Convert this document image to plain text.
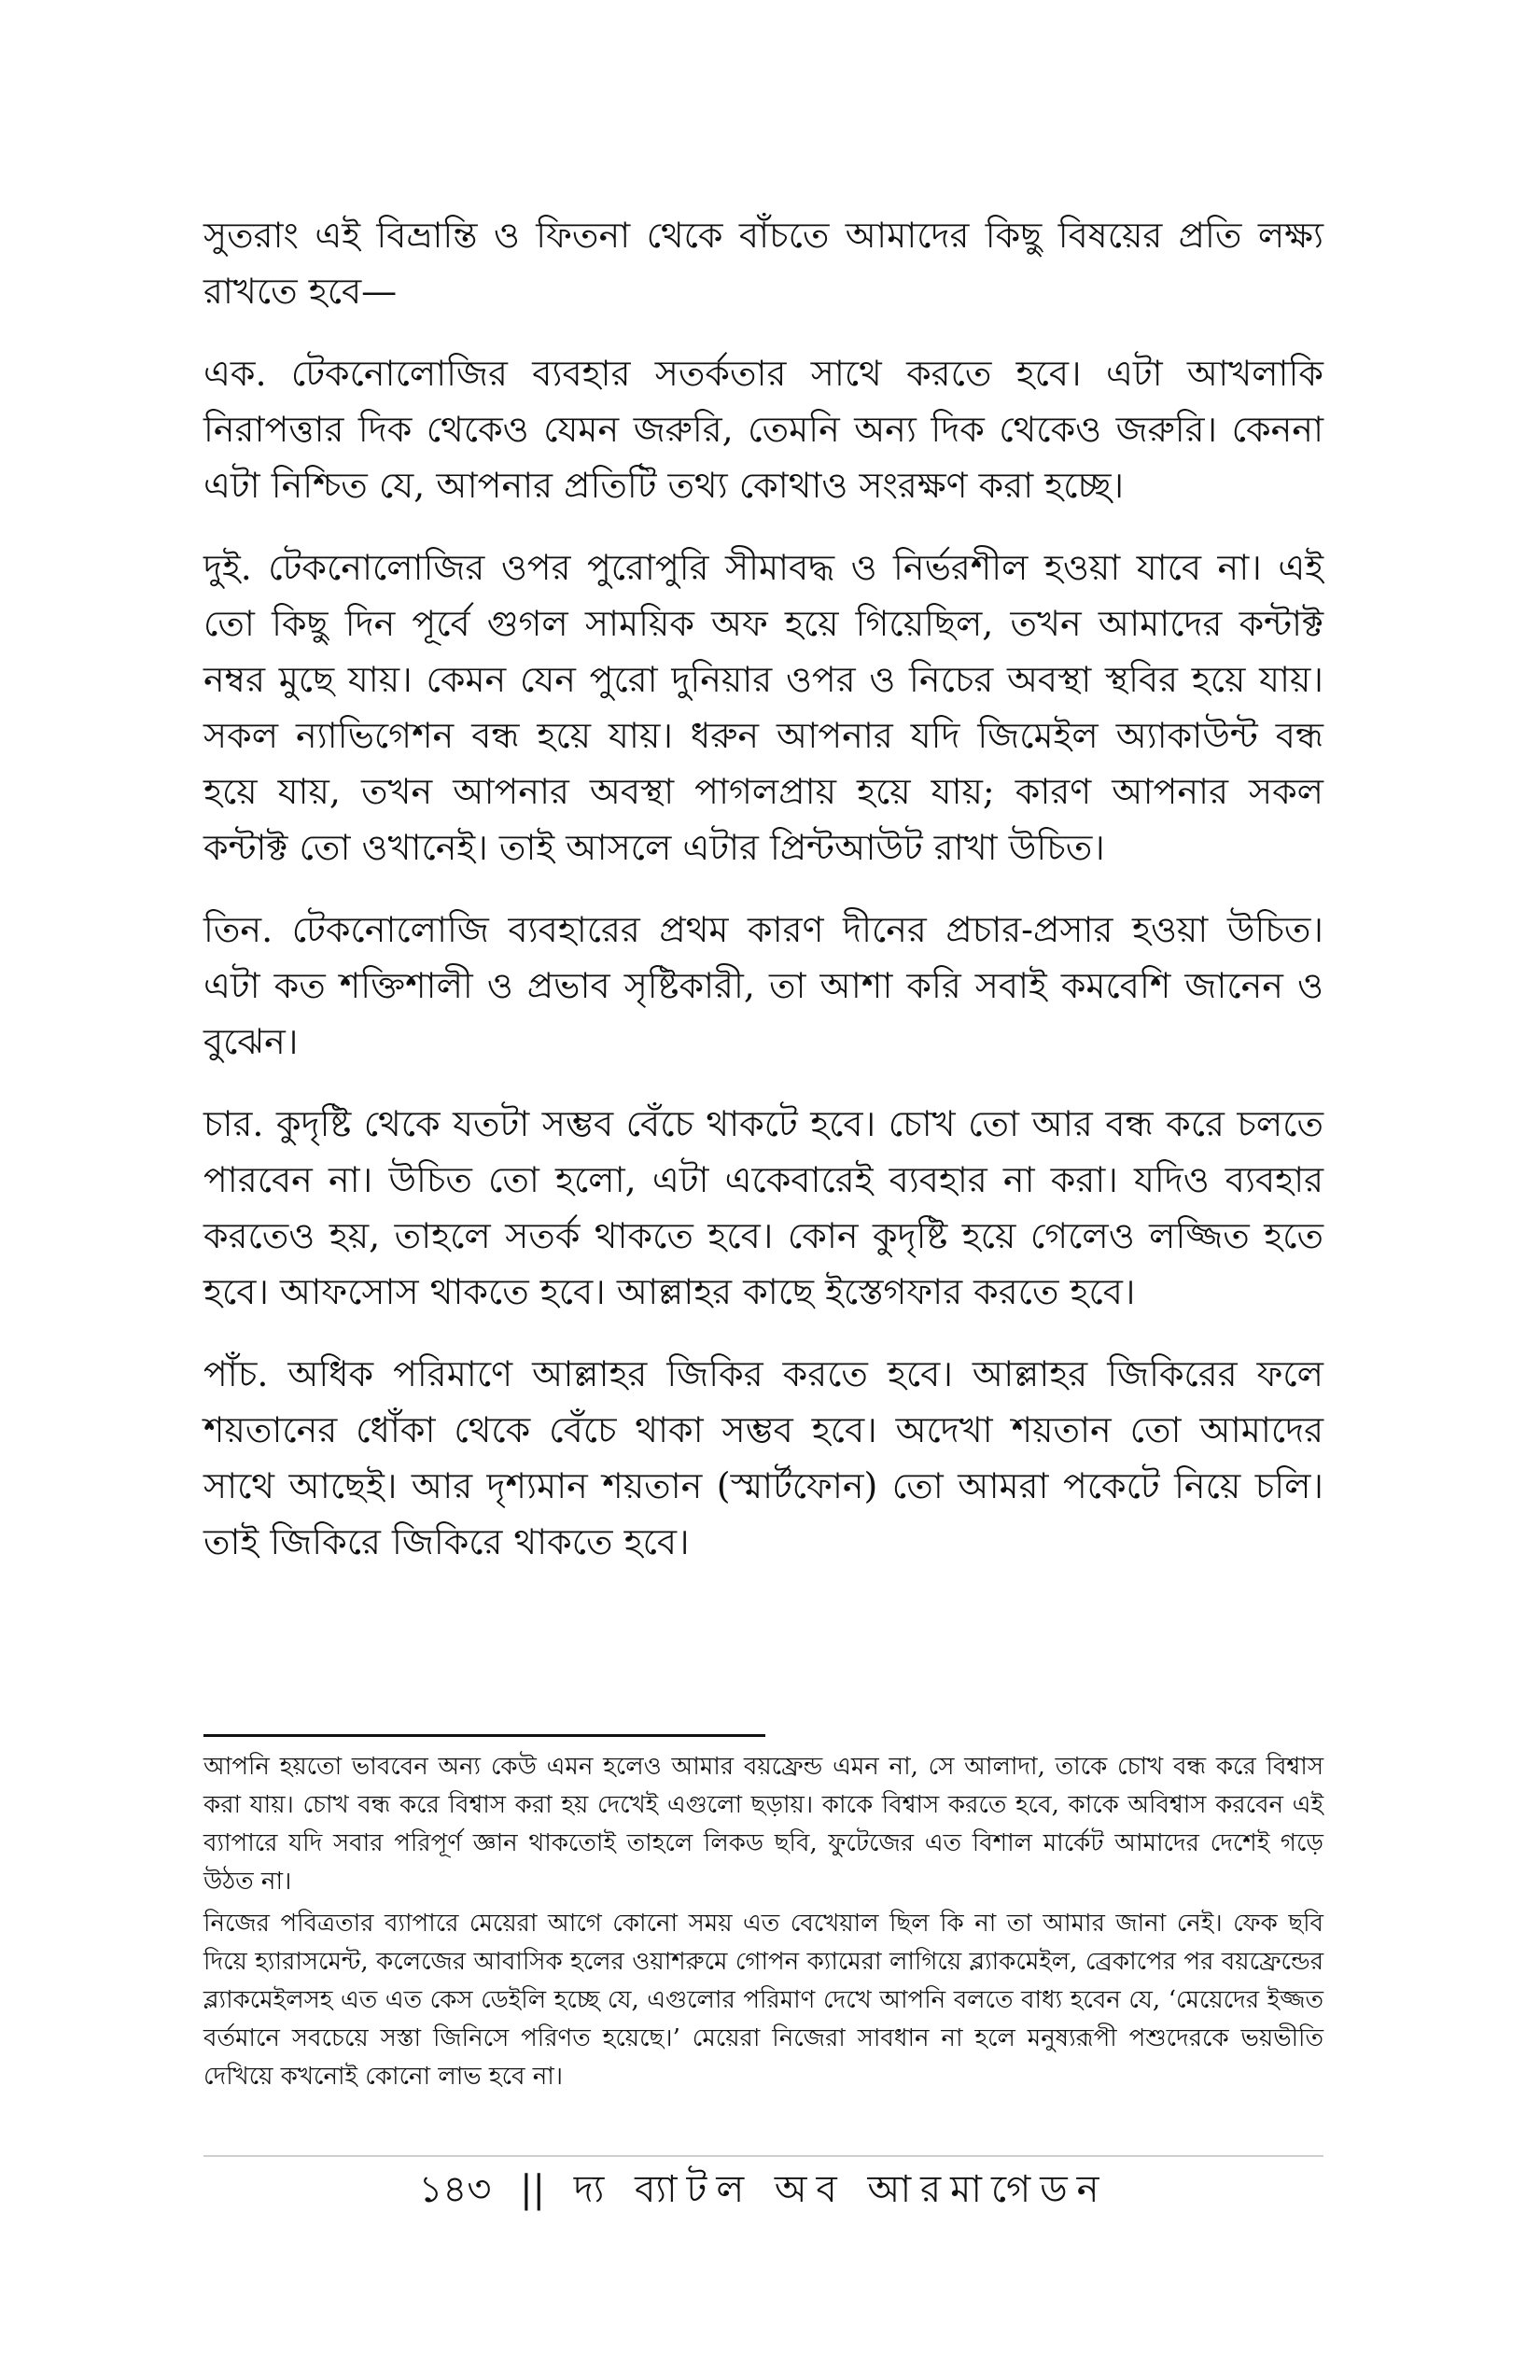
সুতরাং এই বিভ্রান্তি ও ফিতনা থেকে বাঁচতে আমাদের কিছু বিষয়ের প্রতি লক্ষ্য রাখতে হবে—

এক. টেকনোলোজির ব্যবহার সতর্কতার সাথে করতে হবে। এটা আখলাকি নিরাপত্তার দিক থেকেও যেমন জরুরি, তেমনি অন্য দিক থেকেও জরুরি। কেননা এটা নিশ্চিত যে, আপনার প্রতিটি তথ্য কোথাও সংরক্ষণ করা হচ্ছে।

দুই. টেকনোলোজির ওপর পুরোপুরি সীমাবদ্ধ ও নির্ভরশীল হওয়া যাবে না। এই তো কিছু দিন পূর্বে গুগল সাময়িক অফ হয়ে গিয়েছিল, তখন আমাদের কন্টাক্ট নম্বর মুছে যায়। কেমন যেন পুরো দুনিয়ার ওপর ও নিচের অবস্থা স্থবির হয়ে যায়। সকল ন্যাভিগেশন বন্ধ হয়ে যায়। ধরুন আপনার যদি জিমেইল অ্যাকাউন্ট বন্ধ হয়ে যায়, তখন আপনার অবস্থা পাগলপ্রায় হয়ে যায়; কারণ আপনার সকল কন্টাক্ট তো ওখানেই। তাই আসলে এটার প্রিন্টআউট রাখা উচিত।

তিন. টেকনোলোজি ব্যবহারের প্রথম কারণ দীনের প্রচার-প্রসার হওয়া উচিত। এটা কত শক্তিশালী ও প্রভাব সৃষ্টিকারী, তা আশা করি সবাই কমবেশি জানেন ও বুঝেন।

চার. কুদৃষ্টি থেকে যতটা সম্ভব বেঁচে থাকটে হবে। চোখ তো আর বন্ধ করে চলতে পারবেন না। উচিত তো হলো, এটা একেবারেই ব্যবহার না করা। যদিও ব্যবহার করতেও হয়, তাহলে সতর্ক থাকতে হবে। কোন কুদৃষ্টি হয়ে গেলেও লজ্জিত হতে হবে। আফসোস থাকতে হবে। আল্লাহর কাছে ইস্তেগফার করতে হবে।

পাঁচ. অধিক পরিমাণে আল্লাহর জিকির করতে হবে। আল্লাহর জিকিরের ফলে শয়তানের ধোঁকা থেকে বেঁচে থাকা সম্ভব হবে। অদেখা শয়তান তো আমাদের সাথে আছেই। আর দৃশ্যমান শয়তান (স্মার্টফোন) তো আমরা পকেটে নিয়ে চলি। তাই জিকিরে জিকিরে থাকতে হবে।

আপনি হয়তো ভাববেন অন্য কেউ এমন হলেও আমার বয়ফ্রেন্ড এমন না, সে আলাদা, তাকে চোখ বন্ধ করে বিশ্বাস করা যায়। চোখ বন্ধ করে বিশ্বাস করা হয় দেখেই এগুলো ছড়ায়। কাকে বিশ্বাস করতে হবে, কাকে অবিশ্বাস করবেন এই ব্যাপারে যদি সবার পরিপূর্ণ জ্ঞান থাকতোই তাহলে লিকড ছবি, ফুটেজের এত বিশাল মার্কেট আমাদের দেশেই গড়ে উঠত না।

নিজের পবিত্রতার ব্যাপারে মেয়েরা আগে কোনো সময় এত বেখেয়াল ছিল কি না তা আমার জানা নেই। ফেক ছবি দিয়ে হ্যারাসমেন্ট, কলেজের আবাসিক হলের ওয়াশরুমে গোপন ক্যামেরা লাগিয়ে ব্ল্যাকমেইল, ব্রেকাপের পর বয়ফ্রেন্ডের ব্ল্যাকমেইলসহ এত এত কেস ডেইলি হচ্ছে যে, এগুলোর পরিমাণ দেখে আপনি বলতে বাধ্য হবেন যে, ‘মেয়েদের ইজ্জত বর্তমানে সবচেয়ে সস্তা জিনিসে পরিণত হয়েছে।’ মেয়েরা নিজেরা সাবধান না হলে মনুষ্যরূপী পশুদেরকে ভয়ভীতি দেখিয়ে কখনোই কোনো লাভ হবে না।

১৪৩ || দ্য ব্যাটল অব আরমাগেডন
